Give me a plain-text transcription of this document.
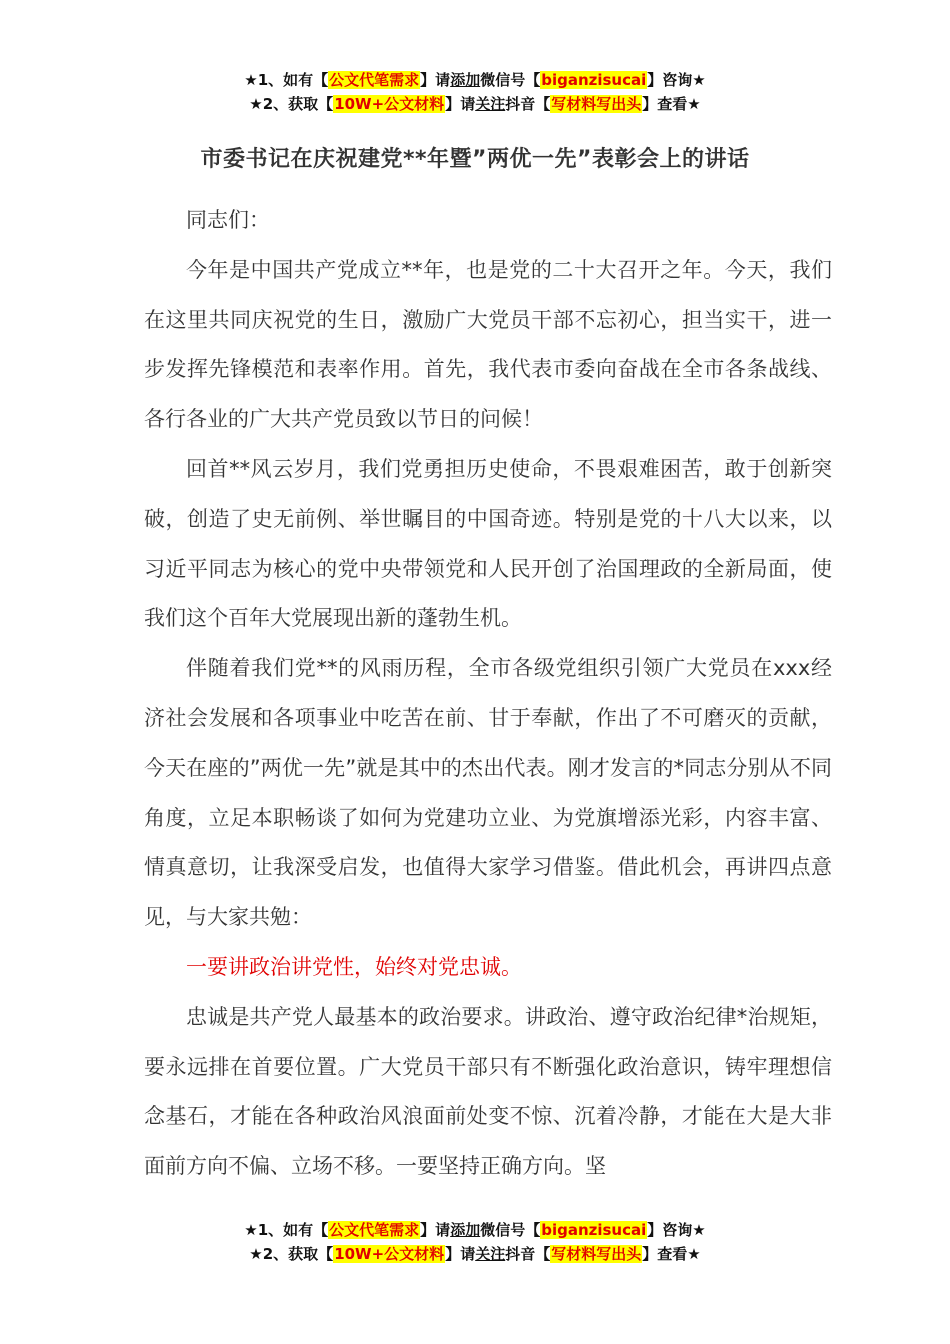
★1、如有【公文代笔需求】请添加微信号【biganzisucai】咨询★
★2、获取【10W+公文材料】请关注抖音【写材料写出头】查看★
市委书记在庆祝建党**年暨”两优一先”表彰会上的讲话

同志们：

今年是中国共产党成立**年，也是党的二十大召开之年。今天，我们在这里共同庆祝党的生日，激励广大党员干部不忘初心，担当实干，进一步发挥先锋模范和表率作用。首先，我代表市委向奋战在全市各条战线、各行各业的广大共产党员致以节日的问候！

回首**风云岁月，我们党勇担历史使命，不畏艰难困苦，敢于创新突破，创造了史无前例、举世瞩目的中国奇迹。特别是党的十八大以来，以习近平同志为核心的党中央带领党和人民开创了治国理政的全新局面，使我们这个百年大党展现出新的蓬勃生机。

伴随着我们党**的风雨历程，全市各级党组织引领广大党员在xxx经济社会发展和各项事业中吃苦在前、甘于奉献，作出了不可磨灭的贡献，今天在座的”两优一先”就是其中的杰出代表。刚才发言的*同志分别从不同角度，立足本职畅谈了如何为党建功立业、为党旗增添光彩，内容丰富、情真意切，让我深受启发，也值得大家学习借鉴。借此机会，再讲四点意见，与大家共勉：

一要讲政治讲党性，始终对党忠诚。

忠诚是共产党人最基本的政治要求。讲政治、遵守政治纪律*治规矩，要永远排在首要位置。广大党员干部只有不断强化政治意识，铸牢理想信念基石，才能在各种政治风浪面前处变不惊、沉着冷静，才能在大是大非面前方向不偏、立场不移。一要坚持正确方向。坚

★1、如有【公文代笔需求】请添加微信号【biganzisucai】咨询★
★2、获取【10W+公文材料】请关注抖音【写材料写出头】查看★
